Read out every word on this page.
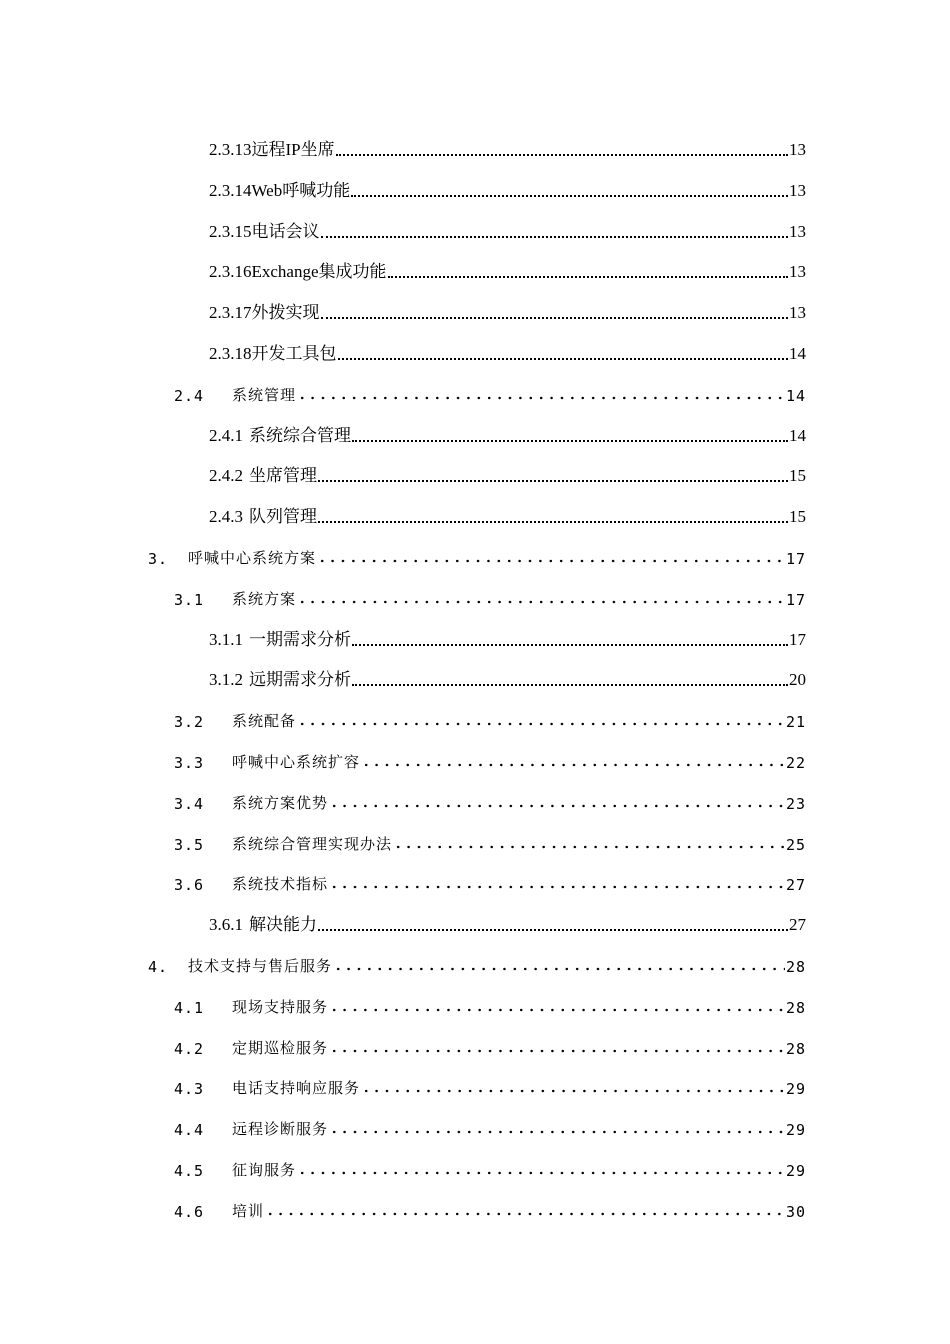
2.3.13 远程IP坐席	13
2.3.14 Web呼喊功能	13
2.3.15 电话会议	13
2.3.16 Exchange集成功能	13
2.3.17 外拨实现	13
2.3.18 开发工具包	14
2.4	系统管理	14
2.4.1 系统综合管理	14
2.4.2 坐席管理	15
2.4.3 队列管理	15
3.	呼喊中心系统方案	17
3.1	系统方案	17
3.1.1 一期需求分析	17
3.1.2 远期需求分析	20
3.2	系统配备	21
3.3	呼喊中心系统扩容	22
3.4	系统方案优势	23
3.5	系统综合管理实现办法	25
3.6	系统技术指标	27
3.6.1 解决能力	27
4.	技术支持与售后服务	28
4.1	现场支持服务	28
4.2	定期巡检服务	28
4.3	电话支持响应服务	29
4.4	远程诊断服务	29
4.5	征询服务	29
4.6	培训	30
